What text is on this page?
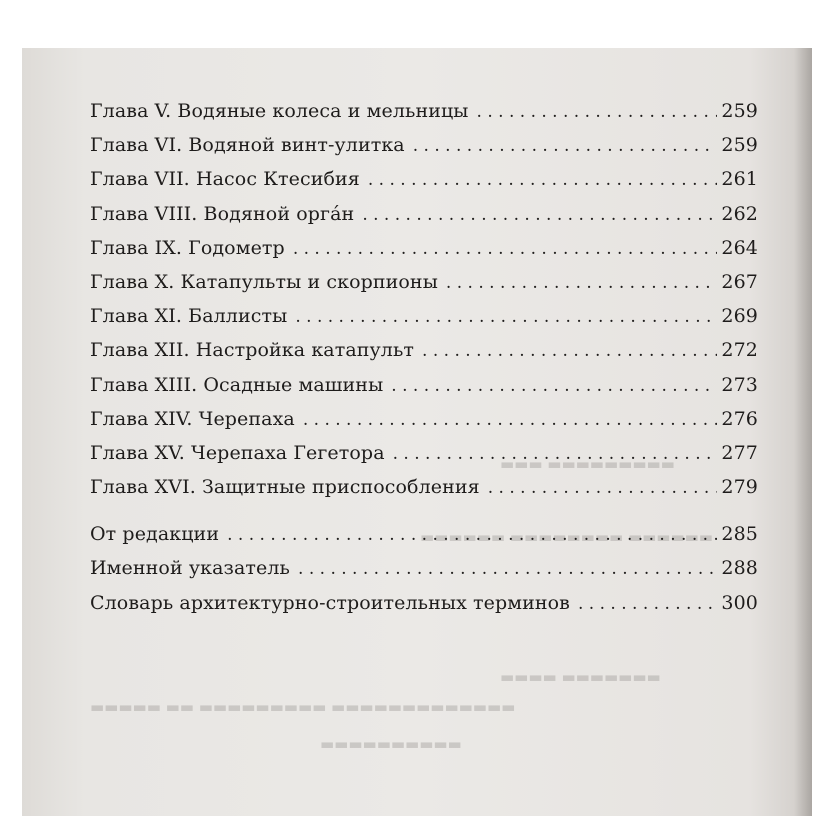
▬▬▬ ▬▬▬▬▬▬▬▬▬
▬▬▬▬▬▬ ▬▬▬▬▬▬▬▬ ▬▬▬▬▬▬
▬▬▬▬ ▬▬▬▬▬▬▬
▬▬▬▬▬ ▬▬ ▬▬▬▬▬▬▬▬▬ ▬▬▬▬▬▬▬▬▬▬▬▬▬
▬▬▬▬▬▬▬▬▬▬
Глава V. Водяные колеса и мельницы . . .	259
Глава VI. Водяной винт-улитка . . .	259
Глава VII. Насос Ктесибия . . .	261
Глава VIII. Водяной орга́н . . .	262
Глава IX. Годометр . . .	264
Глава X. Катапульты и скорпионы . . .	267
Глава XI. Баллисты . . .	269
Глава XII. Настройка катапульт . . .	272
Глава XIII. Осадные машины . . .	273
Глава XIV. Черепаха . . .	276
Глава XV. Черепаха Гегетора . . .	277
Глава XVI. Защитные приспособления . . .	279
От редакции . . .	285
Именной указатель . . .	288
Словарь архитектурно-строительных терминов . . .	300
